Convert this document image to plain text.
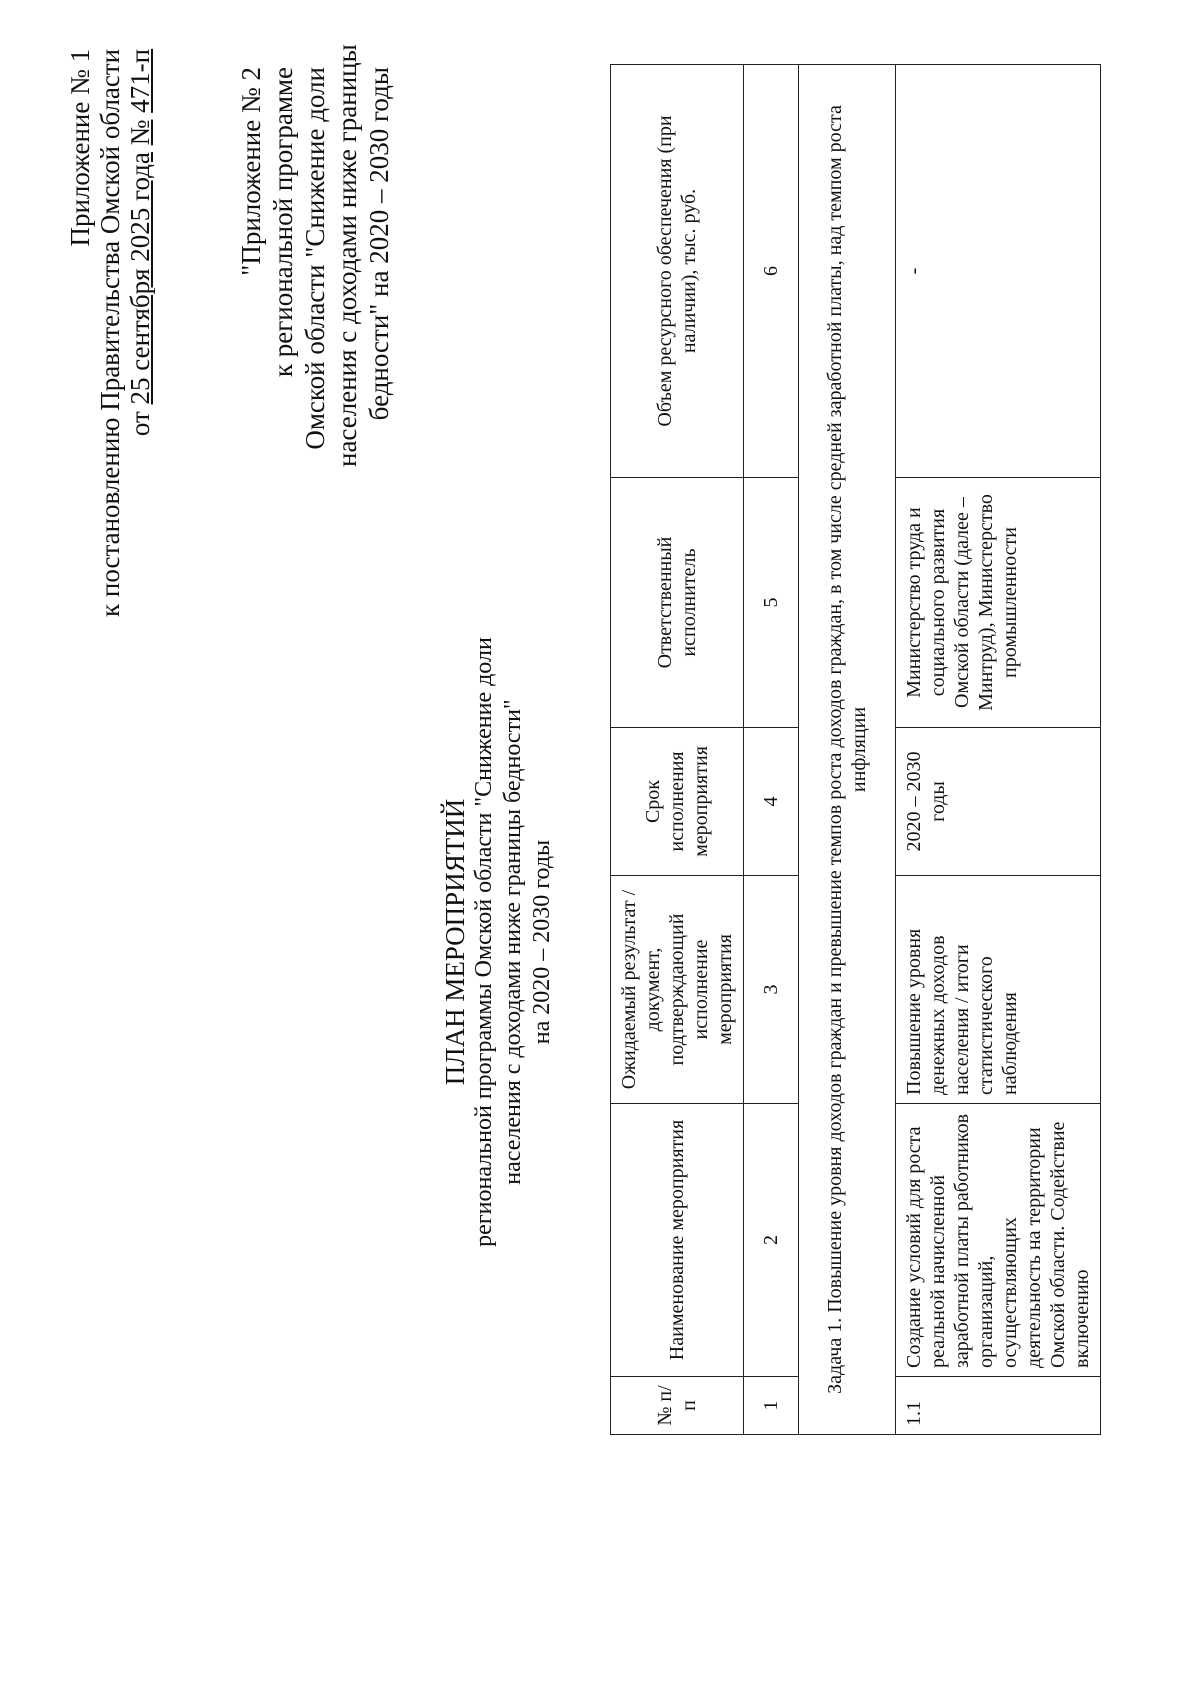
Приложение № 1 к постановлению Правительства Омской области от 25 сентября 2025 года № 471-п	"Приложение № 2 к региональной программе Омской области "Снижение доли населения с доходами ниже границы бедности" на 2020 – 2030 годы
ПЛАН МЕРОПРИЯТИЙ региональной программы Омской области "Снижение доли населения с доходами ниже границы бедности" на 2020 – 2030 годы
№ п/п	Наименование мероприятия	Ожидаемый результат / документ, подтверждающий исполнение мероприятия	Срок исполнения мероприятия	Ответственный исполнитель	Объем ресурсного обеспечения (при наличии), тыс. руб.
1	2	3	4	5	6
Задача 1. Повышение уровня доходов граждан и превышение темпов роста доходов граждан, в том числе средней заработной платы, над темпом роста инфляции					
1.1	Создание условий для роста реальной начисленной заработной платы работников организаций, осуществляющих деятельность на территории Омской области. Содействие включению	Повышение уровня денежных доходов населения / итоги статистического наблюдения	2020 – 2030 годы	Министерство труда и социального развития Омской области (далее – Минтруд), Министерство промышленности	-
